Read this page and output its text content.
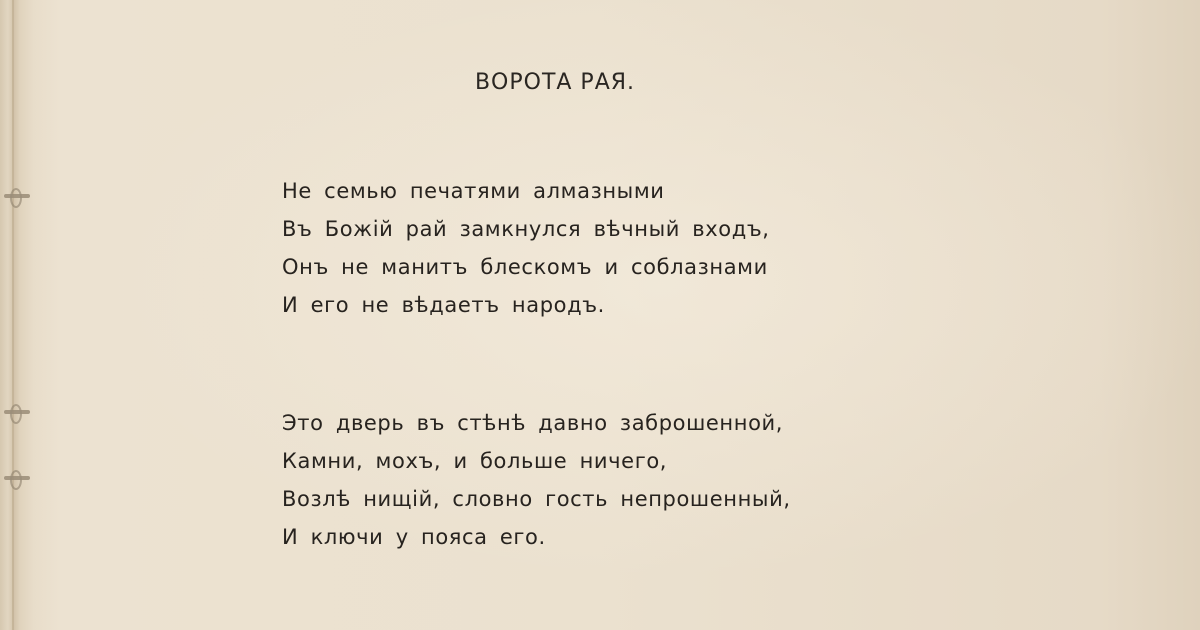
ВОРОТА РАЯ.
Не семью печатями алмазными
Въ Божій рай замкнулся вѣчный входъ,
Онъ не манитъ блескомъ и соблазнами
И его не вѣдаетъ народъ.
Это дверь въ стѣнѣ давно заброшенной,
Камни, мохъ, и больше ничего,
Возлѣ нищій, словно гость непрошенный,
И ключи у пояса его.
